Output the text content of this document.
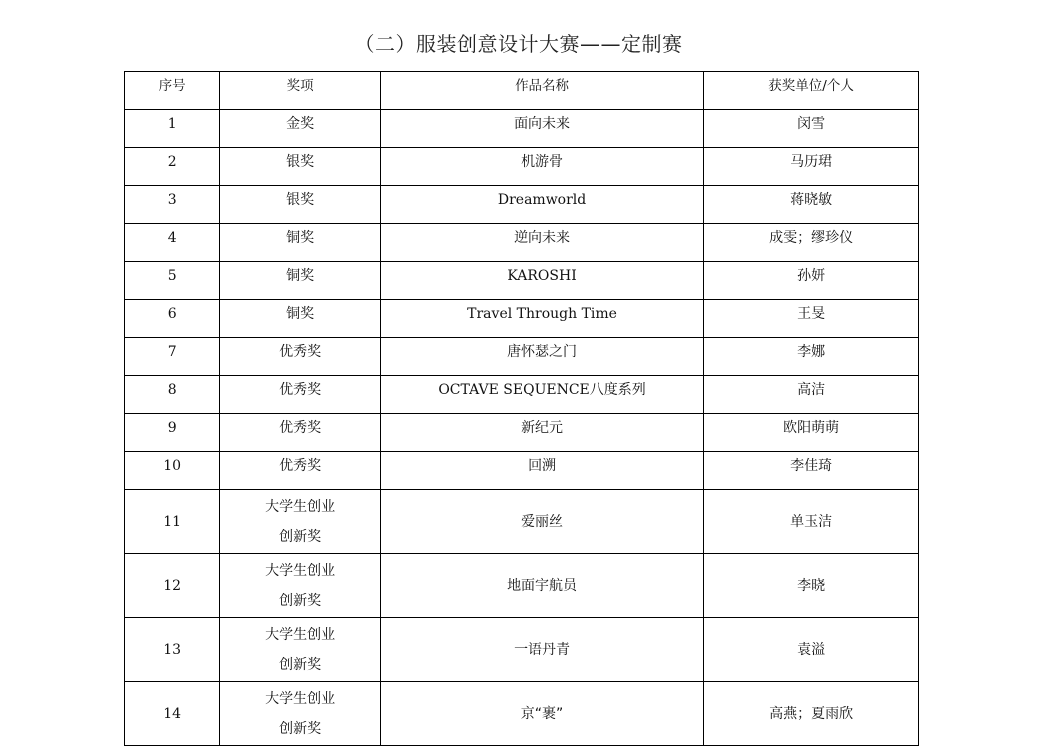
（二）服装创意设计大赛——定制赛
序号	奖项	作品名称	获奖单位/个人
1	金奖	面向未来	闵雪
2	银奖	机游骨	马历珺
3	银奖	Dreamworld	蒋晓敏
4	铜奖	逆向未来	成雯；缪珍仪
5	铜奖	KAROSHI	孙妍
6	铜奖	Travel Through Time	王旻
7	优秀奖	唐怀瑟之门	李娜
8	优秀奖	OCTAVE SEQUENCE八度系列	高洁
9	优秀奖	新纪元	欧阳萌萌
10	优秀奖	回溯	李佳琦
11	大学生创业创新奖	爱丽丝	单玉洁
12	大学生创业创新奖	地面宇航员	李晓
13	大学生创业创新奖	一语丹青	袁溢
14	大学生创业创新奖	京“裹”	高燕；夏雨欣
